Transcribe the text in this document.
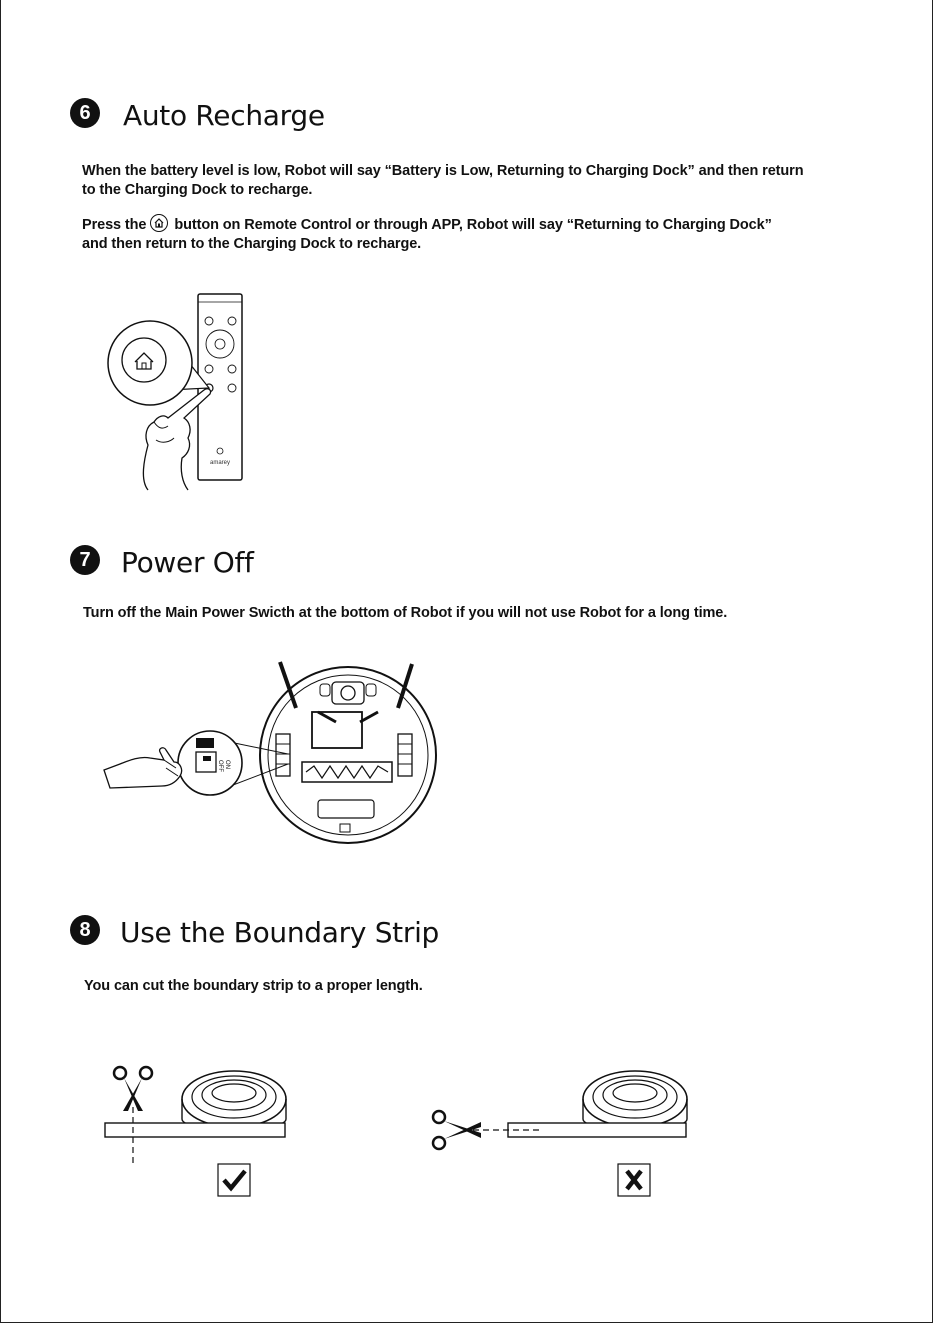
6	Auto Recharge
When the battery level is low, Robot will say “Battery is Low, Returning to Charging Dock” and then return
to the Charging Dock to recharge.
Press the button on Remote Control or through APP, Robot will say “Returning to Charging Dock”
and then return to the Charging Dock to recharge.
amarey
7	Power Off
Turn off the Main Power Swicth at the bottom of Robot if you will not use Robot for a long time.
ON
OFF
8	Use the Boundary Strip
You can cut the boundary strip to a proper length.
